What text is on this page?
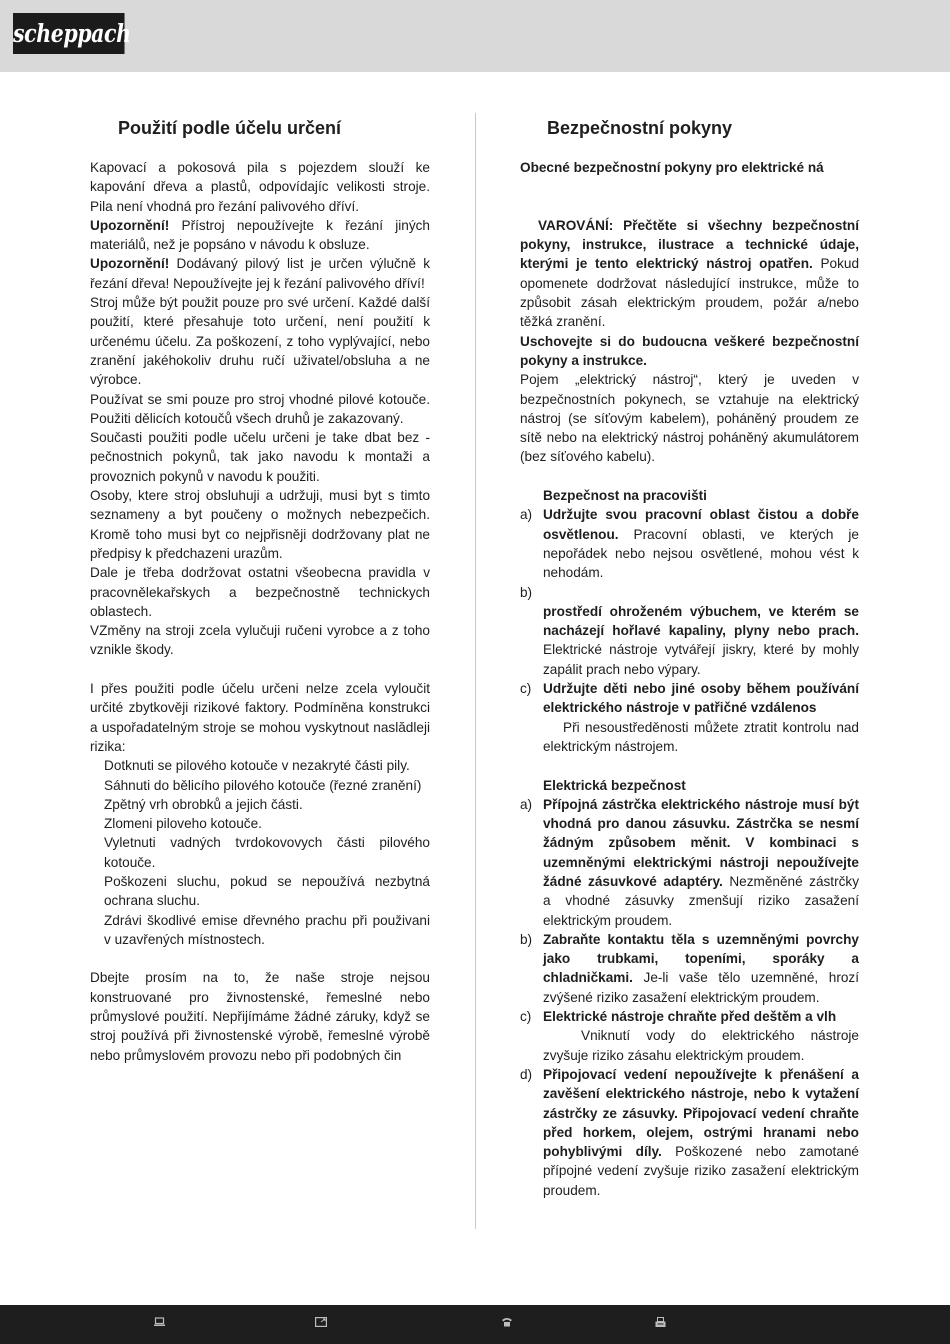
scheppach
Použití podle účelu určení

Kapovací a pokosová pila s pojezdem slouží ke kapování dřeva a plastů, odpovídajíc velikosti stroje. Pila není vhodná pro řezání palivového dříví.

Upozornění! Přístroj nepoužívejte k řezání jiných materiálů, než je popsáno v návodu k obsluze.

Upozornění! Dodávaný pilový list je určen výlučně k řezání dřeva! Nepoužívejte jej k řezání palivového dříví!

Stroj může být použit pouze pro své určení. Každé další použití, které přesahuje toto určení, není použití k určenému účelu. Za poškození, z toho vyplývající, nebo zranění jakéhokoliv druhu ručí uživatel/obsluha a ne výrobce.

Používat se smi pouze pro stroj vhodné pilové kotouče. Použiti dělicích kotoučů všech druhů je zakazovaný.

Současti použiti podle učelu určeni je take dbat bez - pečnostnich pokynů, tak jako navodu k montaži a provoznich pokynů v navodu k použiti.

Osoby, ktere stroj obsluhuji a udržuji, musi byt s timto seznameny a byt poučeny o možnych nebezpečich. Kromě toho musi byt co nejpřisněji dodržovany plat ne předpisy k předchazeni urazům.

Dale je třeba dodržovat ostatni všeobecna pravidla v pracovnělekařskych a bezpečnostně technickych oblastech.

VZměny na stroji zcela vylučuji ručeni vyrobce a z toho vznikle škody.

I přes použiti podle účelu určeni nelze zcela vyloučit určité zbytkověji rizikové faktory. Podmíněna konstrukci a uspořadatelným stroje se mohou vyskytnout naslădleji rizika:

Dotknuti se pilového kotouče v nezakryté části pily.

Sáhnuti do bělicího pilového kotouče (řezné zranění)

Zpětný vrh obrobků a jejich části.

Zlomeni piloveho kotouče.

Vyletnuti vadných tvrdokovovych části pilového kotouče.

Poškozeni sluchu, pokud se nepoužívá nezbytná ochrana sluchu.

Zdrávi škodlivé emise dřevného prachu při použivani v uzavřených místnostech.

Dbejte prosím na to, že naše stroje nejsou konstruované pro živnostenské, řemeslné nebo průmyslové použití. Nepřijímáme žádné záruky, když se stroj používá při živnostenské výrobě, řemeslné výrobě nebo průmyslovém provozu nebo při podobných čin

Bezpečnostní pokyny

Obecné bezpečnostní pokyny pro elektrické ná

VAROVÁNÍ: Přečtěte si všechny bezpečnostní pokyny, instrukce, ilustrace a technické údaje, kterými je tento elektrický nástroj opatřen. Pokud opomenete dodržovat následující instrukce, může to způsobit zásah elektrickým proudem, požár a/nebo těžká zranění.

Uschovejte si do budoucna veškeré bezpečnostní pokyny a instrukce.

Pojem „elektrický nástroj“, který je uveden v bezpečnostních pokynech, se vztahuje na elektrický nástroj (se síťovým kabelem), poháněný proudem ze sítě nebo na elektrický nástroj poháněný akumulátorem (bez síťového kabelu).

Bezpečnost na pracovišti

a) Udržujte svou pracovní oblast čistou a dobře osvětlenou. Pracovní oblasti, ve kterých je nepořádek nebo nejsou osvětlené, mohou vést k nehodám.
b)

prostředí ohroženém výbuchem, ve kterém se nacházejí hořlavé kapaliny, plyny nebo prach. Elektrické nástroje vytvářejí jiskry, které by mohly zapálit prach nebo výpary.
c) Udržujte děti nebo jiné osoby během používání elektrického nástroje v patřičné vzdálenos
Při nesoustředěnosti můžete ztratit kontrolu nad elektrickým nástrojem.

Elektrická bezpečnost

a) Přípojná zástrčka elektrického nástroje musí být vhodná pro danou zásuvku. Zástrčka se nesmí žádným způsobem měnit. V kombinaci s uzemněnými elektrickými nástroji nepoužívejte žádné zásuvkové adaptéry. Nezměněné zástrčky a vhodné zásuvky zmenšují riziko zasažení elektrickým proudem.
b) Zabraňte kontaktu těla s uzemněnými povrchy jako trubkami, topeními, sporáky a chladničkami. Je-li vaše tělo uzemněné, hrozí zvýšené riziko zasažení elektrickým proudem.
c) Elektrické nástroje chraňte před deštěm a vlh
Vniknutí vody do elektrického nástroje zvyšuje riziko zásahu elektrickým proudem.
d) Připojovací vedení nepoužívejte k přenášení a zavěšení elektrického nástroje, nebo k vytažení zástrčky ze zásuvky. Připojovací vedení chraňte před horkem, olejem, ostrými hranami nebo pohyblivými díly. Poškozené nebo zamotané přípojné vedení zvyšuje riziko zasažení elektrickým proudem.
